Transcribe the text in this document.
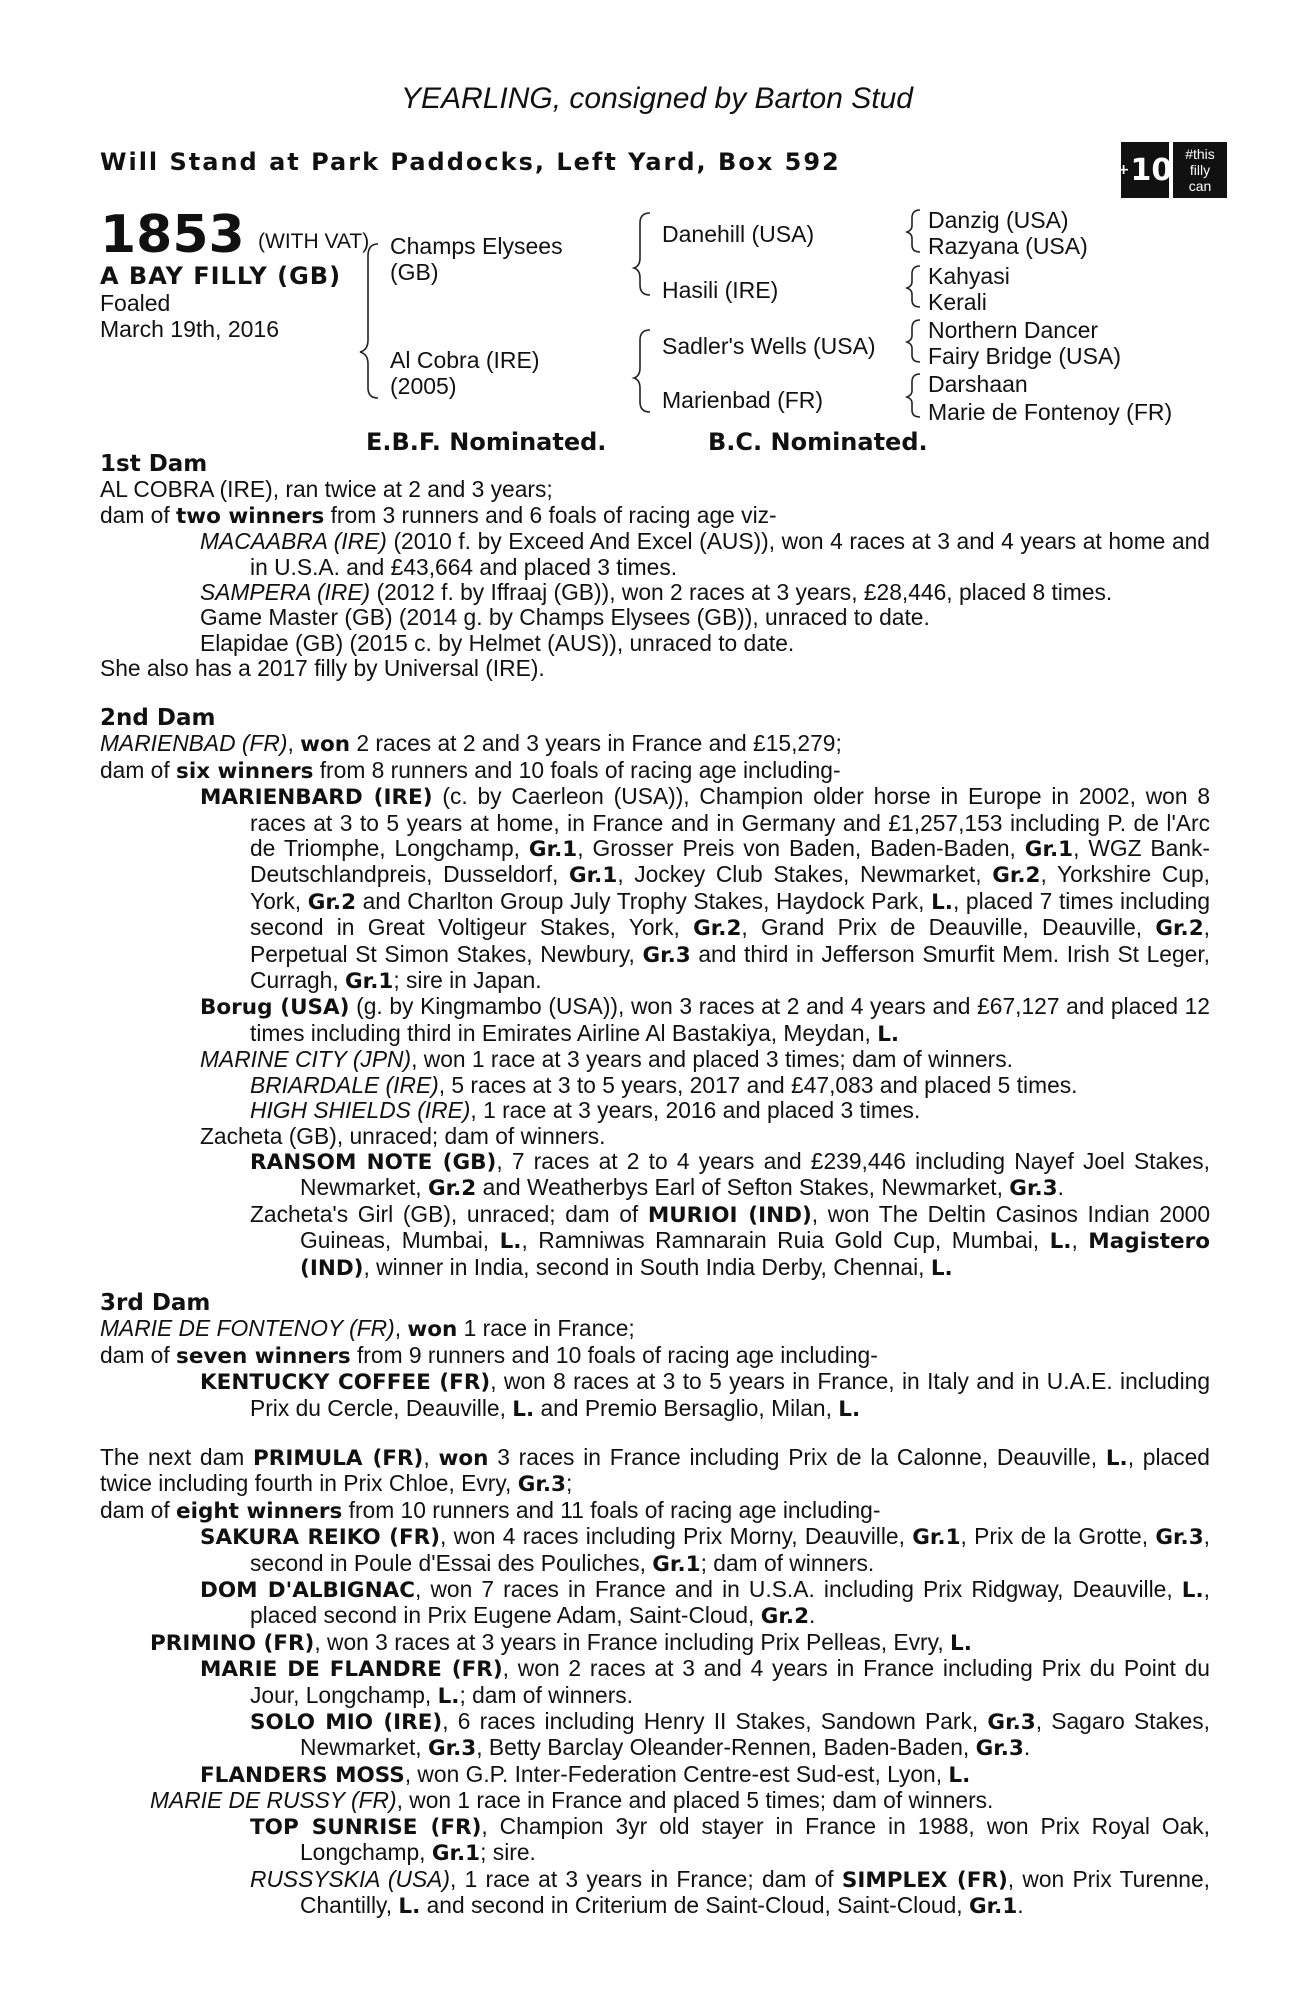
YEARLING, consigned by Barton Stud
Will Stand at Park Paddocks, Left Yard, Box 592	+ 10 #this
filly
can
1853 (WITH VAT)
A BAY FILLY (GB)
Foaled
March 19th, 2016
Champs Elysees
(GB)
Al Cobra (IRE)
(2005)
Danehill (USA)
Hasili (IRE)
Sadler's Wells (USA)
Marienbad (FR)
Danzig (USA)
Razyana (USA)
Kahyasi
Kerali
Northern Dancer
Fairy Bridge (USA)
Darshaan
Marie de Fontenoy (FR)
E.B.F. Nominated.	B.C. Nominated.
1st Dam
AL COBRA (IRE), ran twice at 2 and 3 years;
dam of two winners from 3 runners and 6 foals of racing age viz-
MACAABRA (IRE) (2010 f. by Exceed And Excel (AUS)), won 4 races at 3 and 4 years at home and in U.S.A. and £43,664 and placed 3 times.
SAMPERA (IRE) (2012 f. by Iffraaj (GB)), won 2 races at 3 years, £28,446, placed 8 times.
Game Master (GB) (2014 g. by Champs Elysees (GB)), unraced to date.
Elapidae (GB) (2015 c. by Helmet (AUS)), unraced to date.
She also has a 2017 filly by Universal (IRE).
2nd Dam
MARIENBAD (FR), won 2 races at 2 and 3 years in France and £15,279;
dam of six winners from 8 runners and 10 foals of racing age including-
MARIENBARD (IRE) (c. by Caerleon (USA)), Champion older horse in Europe in 2002, won 8 races at 3 to 5 years at home, in France and in Germany and £1,257,153 including P. de l'Arc de Triomphe, Longchamp, Gr.1, Grosser Preis von Baden, Baden-Baden, Gr.1, WGZ Bank-Deutschlandpreis, Dusseldorf, Gr.1, Jockey Club Stakes, Newmarket, Gr.2, Yorkshire Cup, York, Gr.2 and Charlton Group July Trophy Stakes, Haydock Park, L., placed 7 times including second in Great Voltigeur Stakes, York, Gr.2, Grand Prix de Deauville, Deauville, Gr.2, Perpetual St Simon Stakes, Newbury, Gr.3 and third in Jefferson Smurfit Mem. Irish St Leger, Curragh, Gr.1; sire in Japan.
Borug (USA) (g. by Kingmambo (USA)), won 3 races at 2 and 4 years and £67,127 and placed 12 times including third in Emirates Airline Al Bastakiya, Meydan, L.
MARINE CITY (JPN), won 1 race at 3 years and placed 3 times; dam of winners.
BRIARDALE (IRE), 5 races at 3 to 5 years, 2017 and £47,083 and placed 5 times.
HIGH SHIELDS (IRE), 1 race at 3 years, 2016 and placed 3 times.
Zacheta (GB), unraced; dam of winners.
RANSOM NOTE (GB), 7 races at 2 to 4 years and £239,446 including Nayef Joel Stakes, Newmarket, Gr.2 and Weatherbys Earl of Sefton Stakes, Newmarket, Gr.3.
Zacheta's Girl (GB), unraced; dam of MURIOI (IND), won The Deltin Casinos Indian 2000 Guineas, Mumbai, L., Ramniwas Ramnarain Ruia Gold Cup, Mumbai, L., Magistero (IND), winner in India, second in South India Derby, Chennai, L.
3rd Dam
MARIE DE FONTENOY (FR), won 1 race in France;
dam of seven winners from 9 runners and 10 foals of racing age including-
KENTUCKY COFFEE (FR), won 8 races at 3 to 5 years in France, in Italy and in U.A.E. including Prix du Cercle, Deauville, L. and Premio Bersaglio, Milan, L.
The next dam PRIMULA (FR), won 3 races in France including Prix de la Calonne, Deauville, L., placed twice including fourth in Prix Chloe, Evry, Gr.3;
dam of eight winners from 10 runners and 11 foals of racing age including-
SAKURA REIKO (FR), won 4 races including Prix Morny, Deauville, Gr.1, Prix de la Grotte, Gr.3, second in Poule d'Essai des Pouliches, Gr.1; dam of winners.
DOM D'ALBIGNAC, won 7 races in France and in U.S.A. including Prix Ridgway, Deauville, L., placed second in Prix Eugene Adam, Saint-Cloud, Gr.2.
PRIMINO (FR), won 3 races at 3 years in France including Prix Pelleas, Evry, L.
MARIE DE FLANDRE (FR), won 2 races at 3 and 4 years in France including Prix du Point du Jour, Longchamp, L.; dam of winners.
SOLO MIO (IRE), 6 races including Henry II Stakes, Sandown Park, Gr.3, Sagaro Stakes, Newmarket, Gr.3, Betty Barclay Oleander-Rennen, Baden-Baden, Gr.3.
FLANDERS MOSS, won G.P. Inter-Federation Centre-est Sud-est, Lyon, L.
MARIE DE RUSSY (FR), won 1 race in France and placed 5 times; dam of winners.
TOP SUNRISE (FR), Champion 3yr old stayer in France in 1988, won Prix Royal Oak, Longchamp, Gr.1; sire.
RUSSYSKIA (USA), 1 race at 3 years in France; dam of SIMPLEX (FR), won Prix Turenne, Chantilly, L. and second in Criterium de Saint-Cloud, Saint-Cloud, Gr.1.
